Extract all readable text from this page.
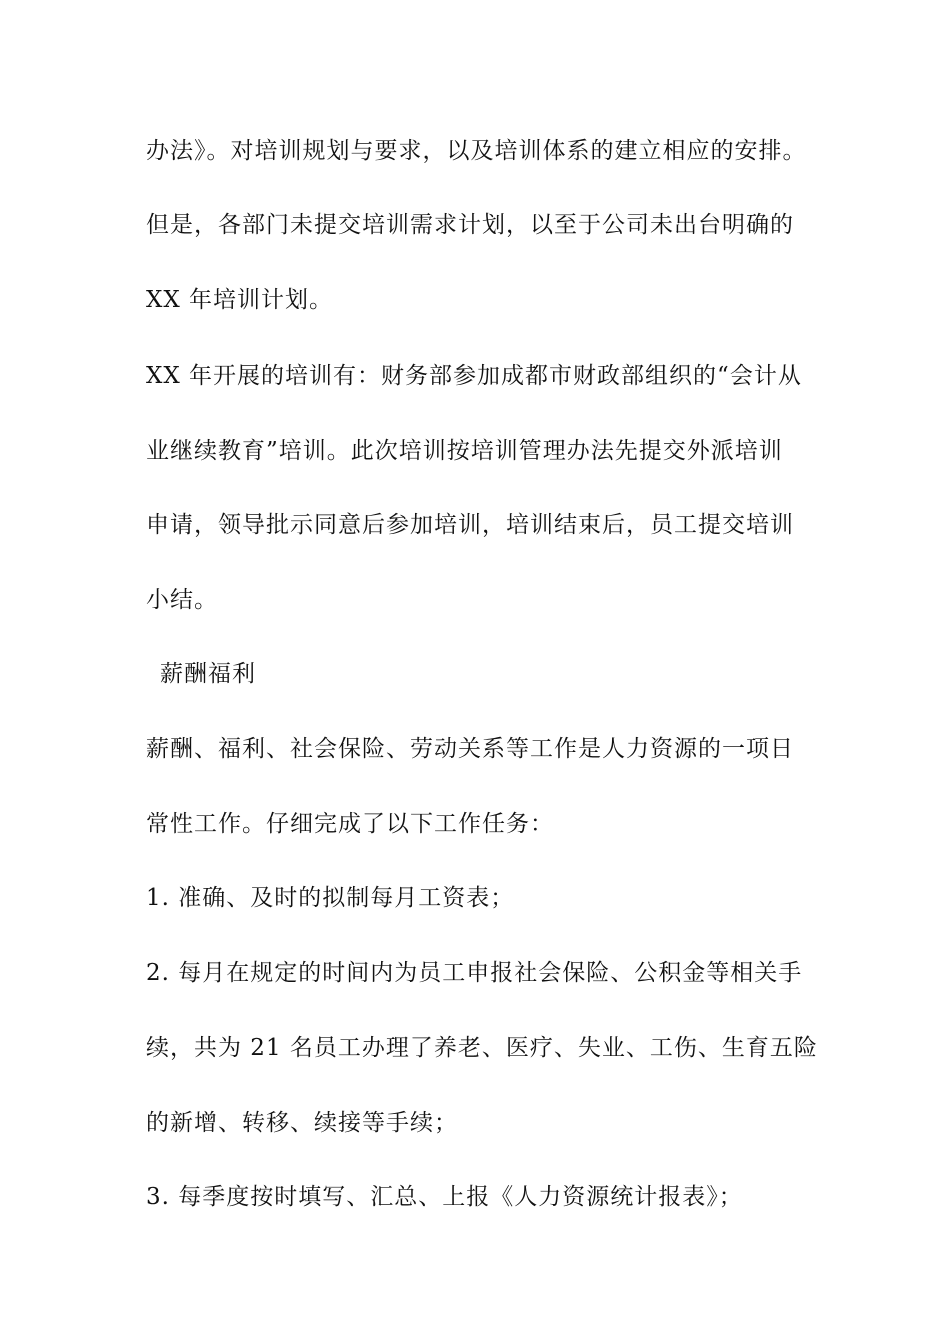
办法》。对培训规划与要求，以及培训体系的建立相应的安排。
但是，各部门未提交培训需求计划，以至于公司未出台明确的
XX 年培训计划。
XX 年开展的培训有：财务部参加成都市财政部组织的“会计从
业继续教育”培训。此次培训按培训管理办法先提交外派培训
申请，领导批示同意后参加培训，培训结束后，员工提交培训
小结。
薪酬福利
薪酬、福利、社会保险、劳动关系等工作是人力资源的一项日
常性工作。仔细完成了以下工作任务：
1. 准确、及时的拟制每月工资表；
2. 每月在规定的时间内为员工申报社会保险、公积金等相关手
续，共为 21 名员工办理了养老、医疗、失业、工伤、生育五险
的新增、转移、续接等手续；
3. 每季度按时填写、汇总、上报《人力资源统计报表》；
